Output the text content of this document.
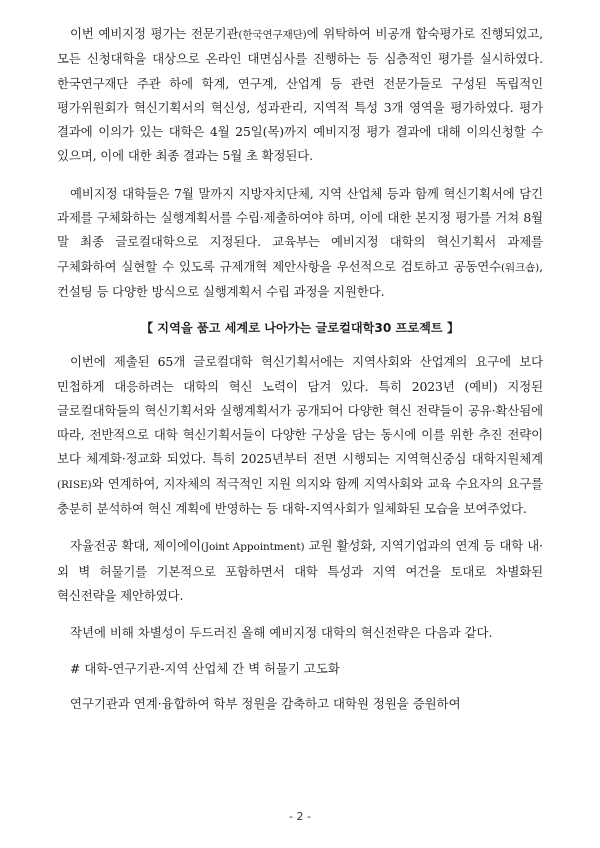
이번 예비지정 평가는 전문기관(한국연구재단)에 위탁하여 비공개 합숙평가로 진행되었고, 모든 신청대학을 대상으로 온라인 대면심사를 진행하는 등 심층적인 평가를 실시하였다. 한국연구재단 주관 하에 학계, 연구계, 산업계 등 관련 전문가들로 구성된 독립적인 평가위원회가 혁신기획서의 혁신성, 성과관리, 지역적 특성 3개 영역을 평가하였다. 평가 결과에 이의가 있는 대학은 4월 25일(목)까지 예비지정 평가 결과에 대해 이의신청할 수 있으며, 이에 대한 최종 결과는 5월 초 확정된다.

예비지정 대학들은 7월 말까지 지방자치단체, 지역 산업체 등과 함께 혁신기획서에 담긴 과제를 구체화하는 실행계획서를 수립·제출하여야 하며, 이에 대한 본지정 평가를 거쳐 8월 말 최종 글로컬대학으로 지정된다. 교육부는 예비지정 대학의 혁신기획서 과제를 구체화하여 실현할 수 있도록 규제개혁 제안사항을 우선적으로 검토하고 공동연수(워크숍), 컨설팅 등 다양한 방식으로 실행계획서 수립 과정을 지원한다.

【 지역을 품고 세계로 나아가는 글로컬대학30 프로젝트 】

이번에 제출된 65개 글로컬대학 혁신기획서에는 지역사회와 산업계의 요구에 보다 민첩하게 대응하려는 대학의 혁신 노력이 담겨 있다. 특히 2023년 (예비) 지정된 글로컬대학들의 혁신기획서와 실행계획서가 공개되어 다양한 혁신 전략들이 공유·확산됨에 따라, 전반적으로 대학 혁신기획서들이 다양한 구상을 담는 동시에 이를 위한 추진 전략이 보다 체계화·정교화 되었다. 특히 2025년부터 전면 시행되는 지역혁신중심 대학지원체계(RISE)와 연계하여, 지자체의 적극적인 지원 의지와 함께 지역사회와 교육 수요자의 요구를 충분히 분석하여 혁신 계획에 반영하는 등 대학-지역사회가 일체화된 모습을 보여주었다.

자율전공 확대, 제이에이(Joint Appointment) 교원 활성화, 지역기업과의 연계 등 대학 내·외 벽 허물기를 기본적으로 포함하면서 대학 특성과 지역 여건을 토대로 차별화된 혁신전략을 제안하였다.

작년에 비해 차별성이 두드러진 올해 예비지정 대학의 혁신전략은 다음과 같다.

# 대학-연구기관-지역 산업체 간 벽 허물기 고도화

연구기관과 연계·융합하여 학부 정원을 감축하고 대학원 정원을 증원하여

- 2 -
